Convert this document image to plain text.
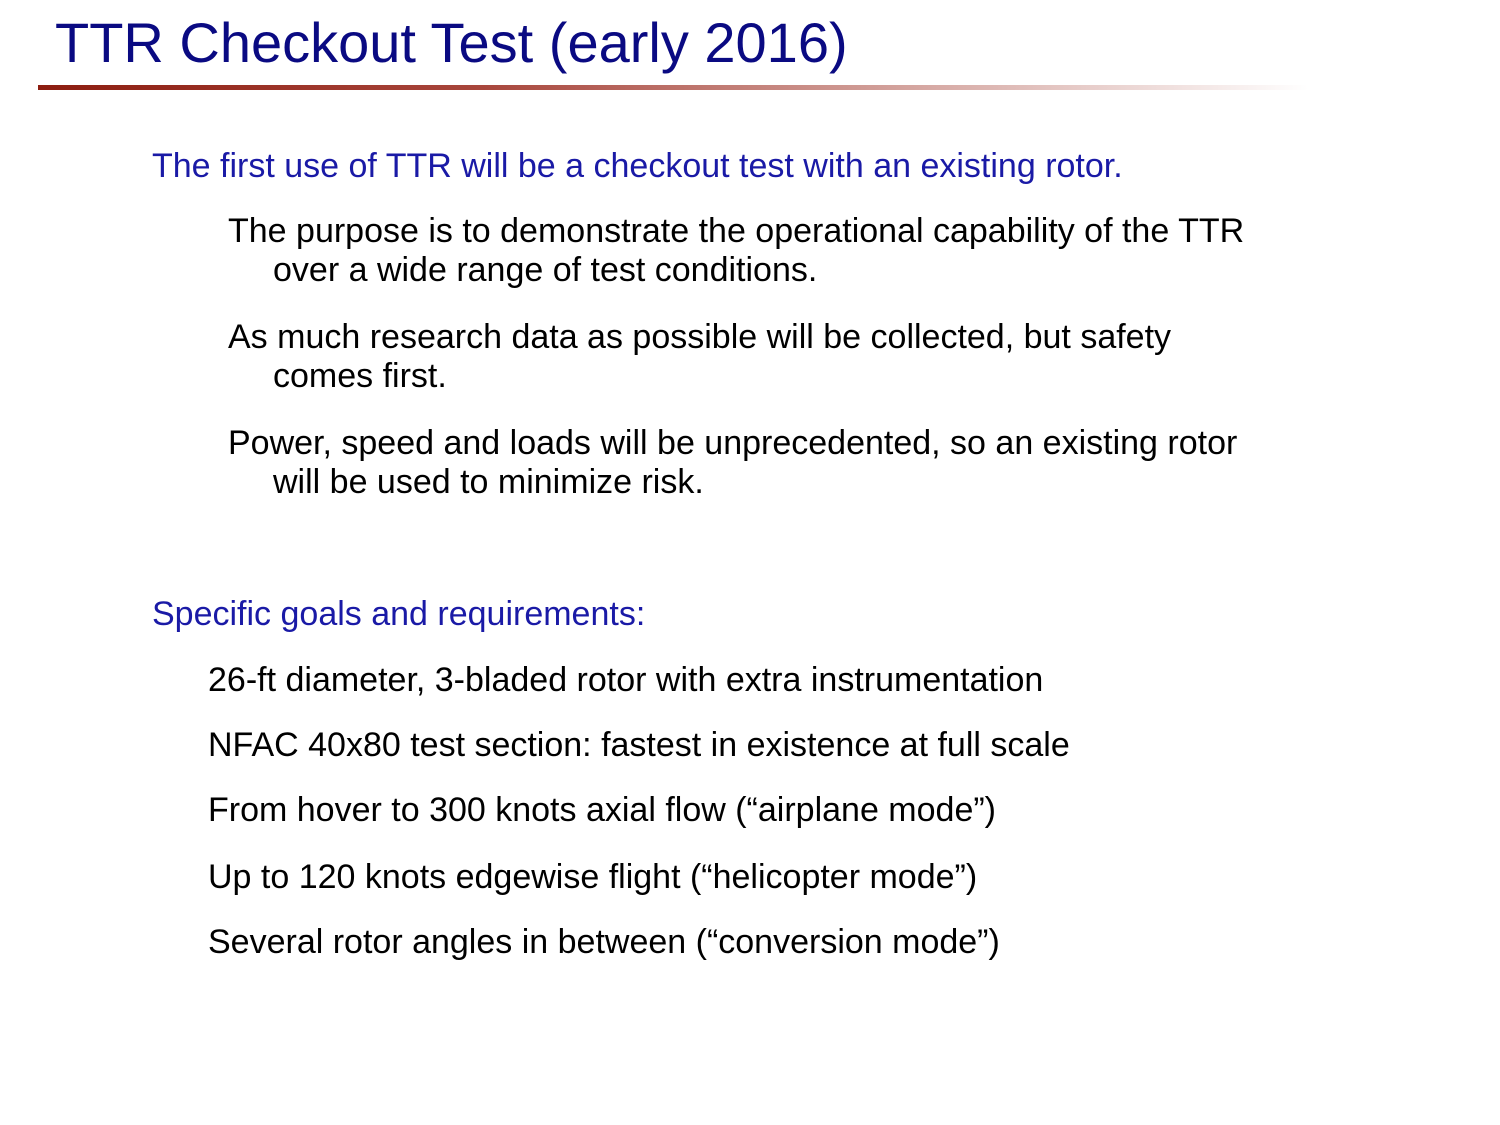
TTR Checkout Test (early 2016)

The first use of TTR will be a checkout test with an existing rotor.

The purpose is to demonstrate the operational capability of the TTR
over a wide range of test conditions.

As much research data as possible will be collected, but safety
comes first.

Power, speed and loads will be unprecedented, so an existing rotor
will be used to minimize risk.

Specific goals and requirements:

26-ft diameter, 3-bladed rotor with extra instrumentation

NFAC 40x80 test section: fastest in existence at full scale

From hover to 300 knots axial flow (“airplane mode”)

Up to 120 knots edgewise flight (“helicopter mode”)

Several rotor angles in between (“conversion mode”)
